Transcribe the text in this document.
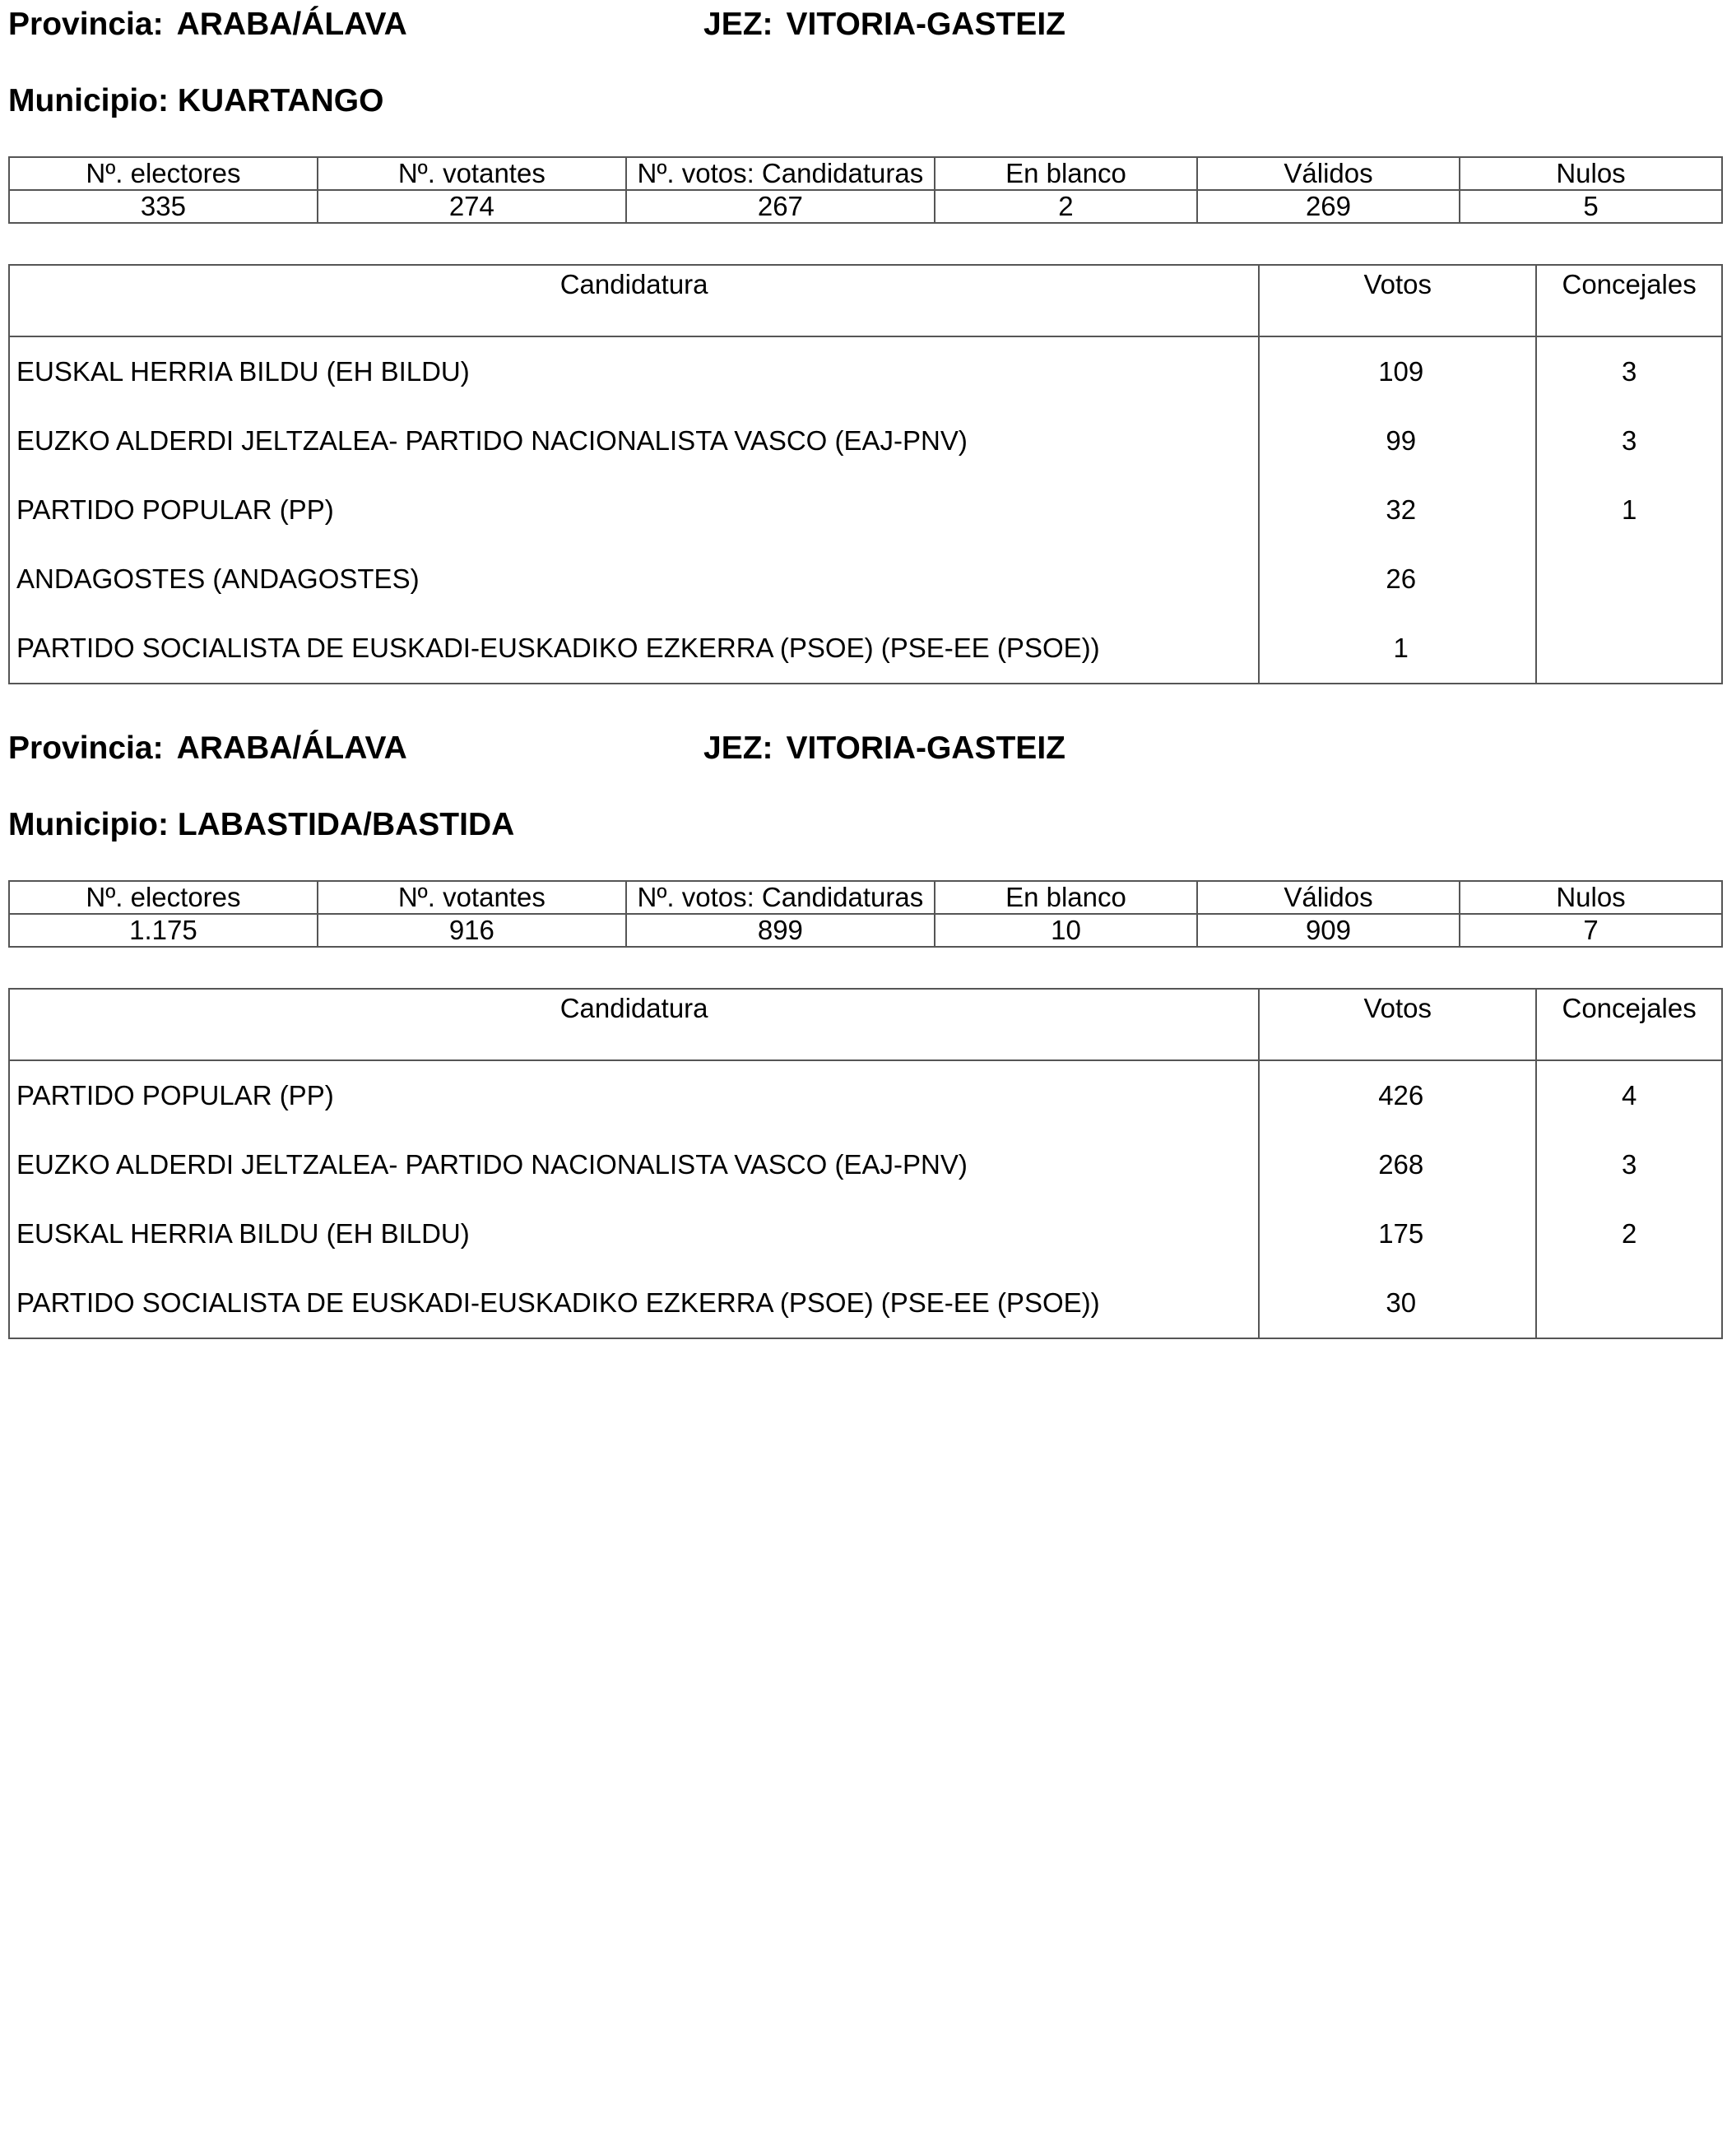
Provincia: ARABA/ÁLAVA	JEZ: VITORIA-GASTEIZ
Municipio: KUARTANGO
Nº. electores	Nº. votantes	Nº. votos: Candidaturas	En blanco	Válidos	Nulos
335	274	267	2	269	5
Candidatura	Votos	Concejales
EUSKAL HERRIA BILDU (EH BILDU)	109	3
EUZKO ALDERDI JELTZALEA- PARTIDO NACIONALISTA VASCO (EAJ-PNV)	99	3
PARTIDO POPULAR (PP)	32	1
ANDAGOSTES (ANDAGOSTES)	26	
PARTIDO SOCIALISTA DE EUSKADI-EUSKADIKO EZKERRA (PSOE) (PSE-EE (PSOE))	1	
Provincia: ARABA/ÁLAVA	JEZ: VITORIA-GASTEIZ
Municipio: LABASTIDA/BASTIDA
Nº. electores	Nº. votantes	Nº. votos: Candidaturas	En blanco	Válidos	Nulos
1.175	916	899	10	909	7
Candidatura	Votos	Concejales
PARTIDO POPULAR (PP)	426	4
EUZKO ALDERDI JELTZALEA- PARTIDO NACIONALISTA VASCO (EAJ-PNV)	268	3
EUSKAL HERRIA BILDU (EH BILDU)	175	2
PARTIDO SOCIALISTA DE EUSKADI-EUSKADIKO EZKERRA (PSOE) (PSE-EE (PSOE))	30	
